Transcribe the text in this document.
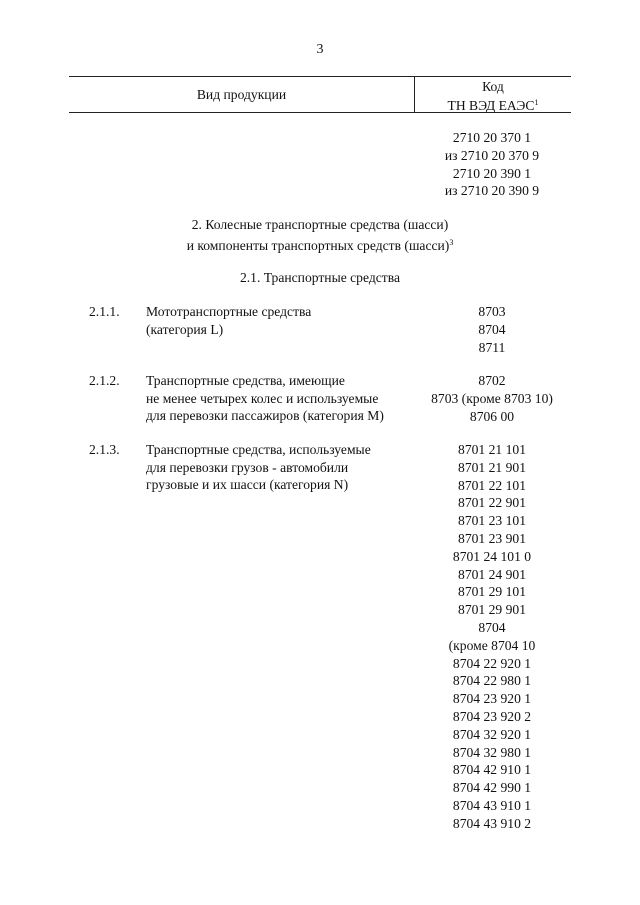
3
Вид продукции
Код
ТН ВЭД ЕАЭС$^1$
2710 20 370 1
из 2710 20 370 9
2710 20 390 1
из 2710 20 390 9
2. Колесные транспортные средства (шасси)
и компоненты транспортных средств (шасси)$^3$
2.1. Транспортные средства
2.1.1. Мототранспортные средства
(категория L)
8703
8704
8711
2.1.2. Транспортные средства, имеющие
не менее четырех колес и используемые
для перевозки пассажиров (категория M)
8702
8703 (кроме 8703 10)
8706 00
2.1.3. Транспортные средства, используемые
для перевозки грузов - автомобили
грузовые и их шасси (категория N)
8701 21 101
8701 21 901
8701 22 101
8701 22 901
8701 23 101
8701 23 901
8701 24 101 0
8701 24 901
8701 29 101
8701 29 901
8704
(кроме 8704 10
8704 22 920 1
8704 22 980 1
8704 23 920 1
8704 23 920 2
8704 32 920 1
8704 32 980 1
8704 42 910 1
8704 42 990 1
8704 43 910 1
8704 43 910 2
